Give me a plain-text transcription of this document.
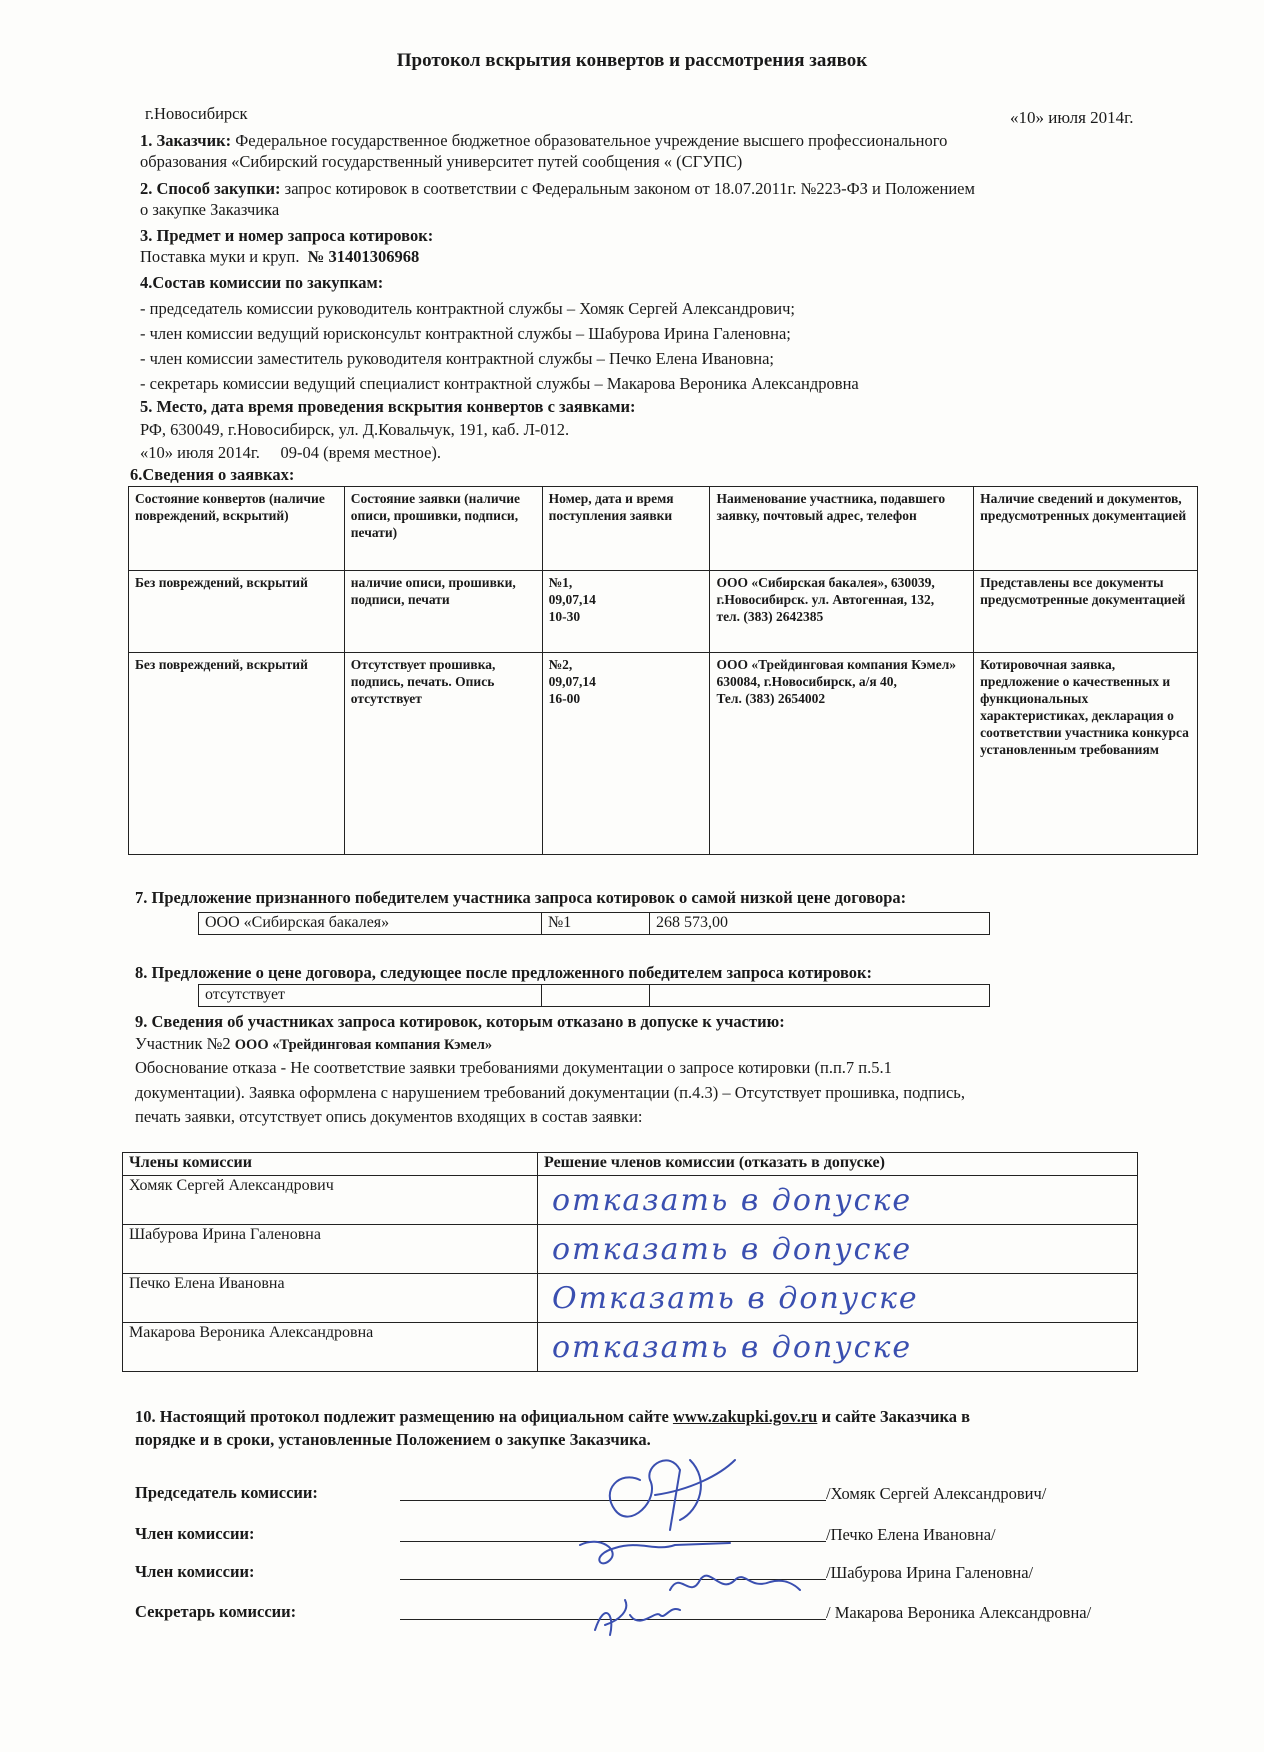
Протокол вскрытия конвертов и рассмотрения заявок
г.Новосибирск	«10» июля 2014г.
1. Заказчик: Федеральное государственное бюджетное образовательное учреждение высшего профессионального
образования «Сибирский государственный университет путей сообщения « (СГУПС)
2. Способ закупки: запрос котировок в соответствии с Федеральным законом от 18.07.2011г. №223-ФЗ и Положением
о закупке Заказчика
3. Предмет и номер запроса котировок:
Поставка муки и круп. № 31401306968
4.Состав комиссии по закупкам:
- председатель комиссии руководитель контрактной службы – Хомяк Сергей Александрович;
- член комиссии ведущий юрисконсульт контрактной службы – Шабурова Ирина Галеновна;
- член комиссии заместитель руководителя контрактной службы – Печко Елена Ивановна;
- секретарь комиссии ведущий специалист контрактной службы – Макарова Вероника Александровна
5. Место, дата время проведения вскрытия конвертов с заявками:
РФ, 630049, г.Новосибирск, ул. Д.Ковальчук, 191, каб. Л-012.
«10» июля 2014г.     09-04 (время местное).
6.Сведения о заявках:
Состояние конвертов (наличие повреждений, вскрытий)	Состояние заявки (наличие описи, прошивки, подписи, печати)	Номер, дата и время поступления заявки	Наименование участника, подавшего заявку, почтовый адрес, телефон	Наличие сведений и документов, предусмотренных документацией
Без повреждений, вскрытий	наличие описи, прошивки, подписи, печати	№1,
09,07,14
10-30	ООО «Сибирская бакалея», 630039, г.Новосибирск. ул. Автогенная, 132,
тел. (383) 2642385	Представлены все документы предусмотренные документацией
Без повреждений, вскрытий	Отсутствует прошивка, подпись, печать. Опись отсутствует	№2,
09,07,14
16-00	ООО «Трейдинговая компания Кэмел» 630084, г.Новосибирск, а/я 40,
Тел. (383) 2654002	Котировочная заявка, предложение о качественных и функциональных характеристиках, декларация о соответствии участника конкурса установленным требованиям
7. Предложение признанного победителем участника запроса котировок о самой низкой цене договора:
ООО «Сибирская бакалея»	№1	268 573,00
8. Предложение о цене договора, следующее после предложенного победителем запроса котировок:
отсутствует		
9. Сведения об участниках запроса котировок, которым отказано в допуске к участию:
Участник №2 ООО «Трейдинговая компания Кэмел»
Обоснование отказа - Не соответствие заявки требованиями документации о запросе котировки (п.п.7 п.5.1
документации). Заявка оформлена с нарушением требований документации (п.4.3) – Отсутствует прошивка, подпись,
печать заявки, отсутствует опись документов входящих в состав заявки:
Члены комиссии	Решение членов комиссии (отказать в допуске)
Хомяк Сергей Александрович	отказать в допуске
Шабурова Ирина Галеновна	отказать в допуске
Печко Елена Ивановна	Отказать в допуске
Макарова Вероника Александровна	отказать в допуске
10. Настоящий протокол подлежит размещению на официальном сайте www.zakupki.gov.ru и сайте Заказчика в
порядке и в сроки, установленные Положением о закупке Заказчика.
Председатель комиссии:	/Хомяк Сергей Александрович/
Член комиссии:	/Печко Елена Ивановна/
Член комиссии:	/Шабурова Ирина Галеновна/
Секретарь комиссии:	/ Макарова Вероника Александровна/
